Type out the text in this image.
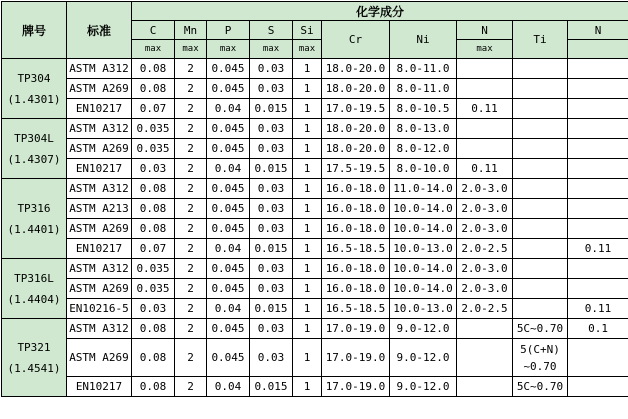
牌号	标准	化学成分									
		C	Mn	P	S	Si	Cr	Ni	N	Ti	N
		max	max	max	max	max			max		

TP304
(1.4301)	ASTM A312	0.08	2	0.045	0.03	1	18.0-20.0	8.0-11.0			
	ASTM A269	0.08	2	0.045	0.03	1	18.0-20.0	8.0-11.0			
	EN10217	0.07	2	0.04	0.015	1	17.0-19.5	8.0-10.5	0.11		

TP304L
(1.4307)	ASTM A312	0.035	2	0.045	0.03	1	18.0-20.0	8.0-13.0			
	ASTM A269	0.035	2	0.045	0.03	1	18.0-20.0	8.0-12.0			
	EN10217	0.03	2	0.04	0.015	1	17.5-19.5	8.0-10.0	0.11		

TP316
(1.4401)	ASTM A312	0.08	2	0.045	0.03	1	16.0-18.0	11.0-14.0	2.0-3.0		
	ASTM A213	0.08	2	0.045	0.03	1	16.0-18.0	10.0-14.0	2.0-3.0		
	ASTM A269	0.08	2	0.045	0.03	1	16.0-18.0	10.0-14.0	2.0-3.0		
	EN10217	0.07	2	0.04	0.015	1	16.5-18.5	10.0-13.0	2.0-2.5		0.11

TP316L
(1.4404)	ASTM A312	0.035	2	0.045	0.03	1	16.0-18.0	10.0-14.0	2.0-3.0		
	ASTM A269	0.035	2	0.045	0.03	1	16.0-18.0	10.0-14.0	2.0-3.0		
	EN10216-5	0.03	2	0.04	0.015	1	16.5-18.5	10.0-13.0	2.0-2.5		0.11

TP321
(1.4541)	ASTM A312	0.08	2	0.045	0.03	1	17.0-19.0	9.0-12.0		5C~0.70	0.1
	ASTM A269	0.08	2	0.045	0.03	1	17.0-19.0	9.0-12.0		5(C+N) ~0.70	
	EN10217	0.08	2	0.04	0.015	1	17.0-19.0	9.0-12.0		5C~0.70	
